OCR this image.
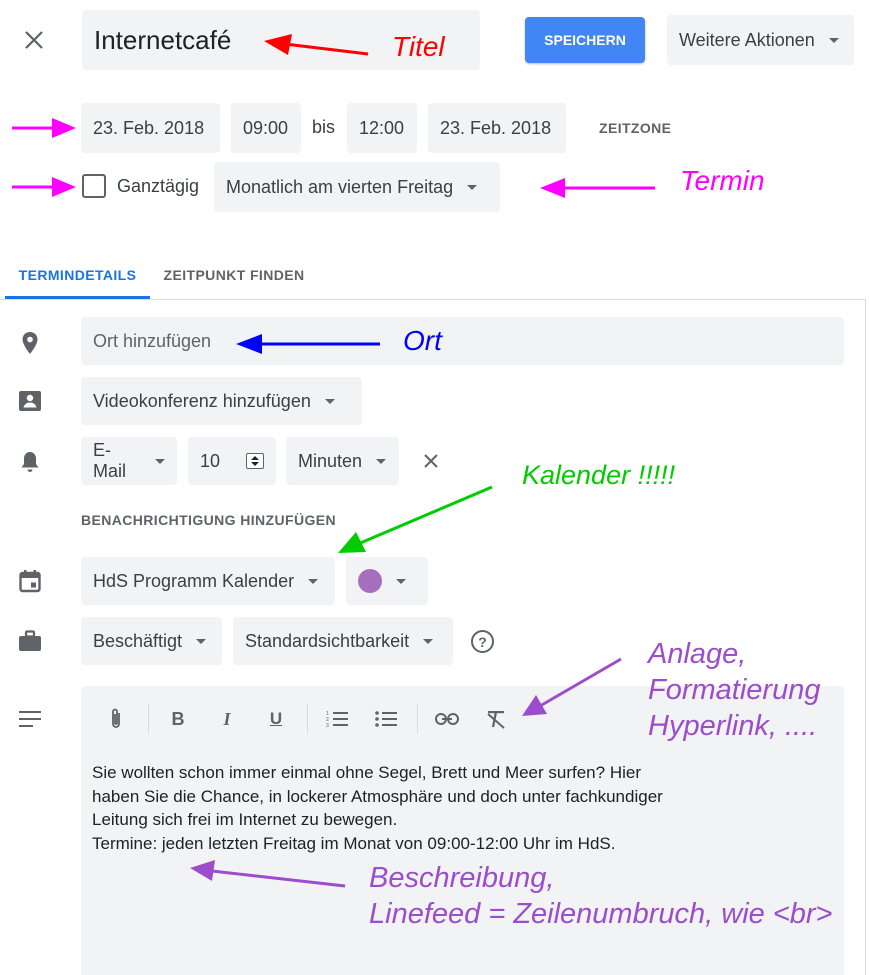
Internetcafé	SPEICHERN	Weitere Aktionen
23. Feb. 2018 09:00 bis 12:00 23. Feb. 2018	ZEITZONE
Ganztägig Monatlich am vierten Freitag
TERMINDETAILS ZEITPUNKT FINDEN
Ort hinzufügen
Videokonferenz hinzufügen
E-Mail
10	Minuten
BENACHRICHTIGUNG HINZUFÜGEN
HdS Programm Kalender
Beschäftigt	Standardsichtbarkeit	?
B	I	U	1
2
3
Sie wollten schon immer einmal ohne Segel, Brett und Meer surfen? Hier
haben Sie die Chance, in lockerer Atmosphäre und doch unter fachkundiger
Leitung sich frei im Internet zu bewegen.
Termine: jeden letzten Freitag im Monat von 09:00-12:00 Uhr im HdS.
Titel
Termin
Ort
Kalender !!!!!
Anlage,
Formatierung
Hyperlink, ....
Beschreibung,
Linefeed = Zeilenumbruch, wie <br>
